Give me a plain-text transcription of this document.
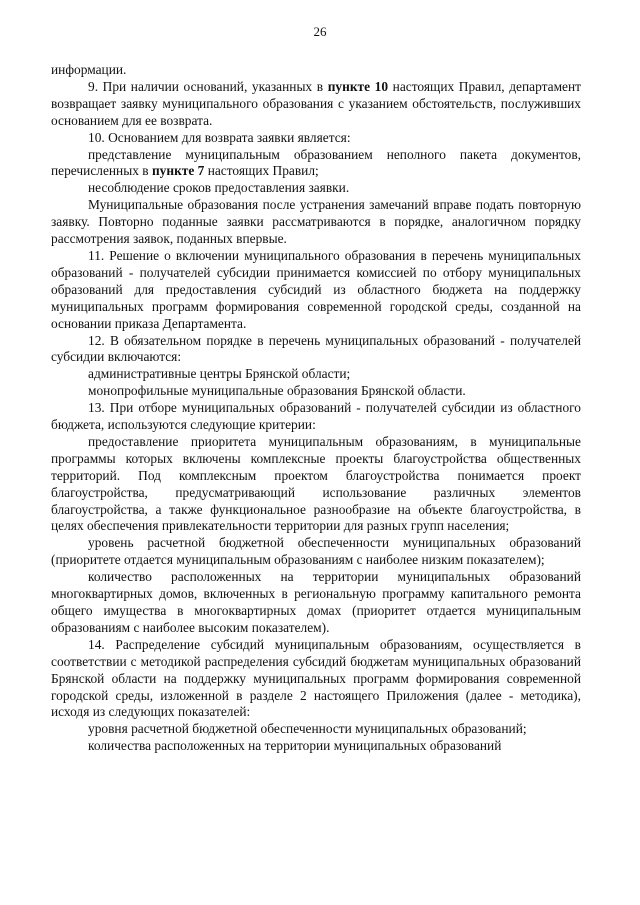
26

информации.

9. При наличии оснований, указанных в пункте 10 настоящих Правил, департамент возвращает заявку муниципального образования с указанием обстоятельств, послуживших основанием для ее возврата.

10. Основанием для возврата заявки является:

представление муниципальным образованием неполного пакета документов, перечисленных в пункте 7 настоящих Правил;

несоблюдение сроков предоставления заявки.

Муниципальные образования после устранения замечаний вправе подать повторную заявку. Повторно поданные заявки рассматриваются в порядке, аналогичном порядку рассмотрения заявок, поданных впервые.

11. Решение о включении муниципального образования в перечень муниципальных образований - получателей субсидии принимается комиссией по отбору муниципальных образований для предоставления субсидий из областного бюджета на поддержку муниципальных программ формирования современной городской среды, созданной на основании приказа Департамента.

12. В обязательном порядке в перечень муниципальных образований - получателей субсидии включаются:

административные центры Брянской области;

монопрофильные муниципальные образования Брянской области.

13. При отборе муниципальных образований - получателей субсидии из областного бюджета, используются следующие критерии:

предоставление приоритета муниципальным образованиям, в муниципальные программы которых включены комплексные проекты благоустройства общественных территорий. Под комплексным проектом благоустройства понимается проект благоустройства, предусматривающий использование различных элементов благоустройства, а также функциональное разнообразие на объекте благоустройства, в целях обеспечения привлекательности территории для разных групп населения;

уровень расчетной бюджетной обеспеченности муниципальных образований (приоритете отдается муниципальным образованиям с наиболее низким показателем);

количество расположенных на территории муниципальных образований многоквартирных домов, включенных в региональную программу капитального ремонта общего имущества в многоквартирных домах (приоритет отдается муниципальным образованиям с наиболее высоким показателем).

14. Распределение субсидий муниципальным образованиям, осуществляется в соответствии с методикой распределения субсидий бюджетам муниципальных образований Брянской области на поддержку муниципальных программ формирования современной городской среды, изложенной в разделе 2 настоящего Приложения (далее - методика), исходя из следующих показателей:

уровня расчетной бюджетной обеспеченности муниципальных образований;

количества расположенных на территории муниципальных образований
